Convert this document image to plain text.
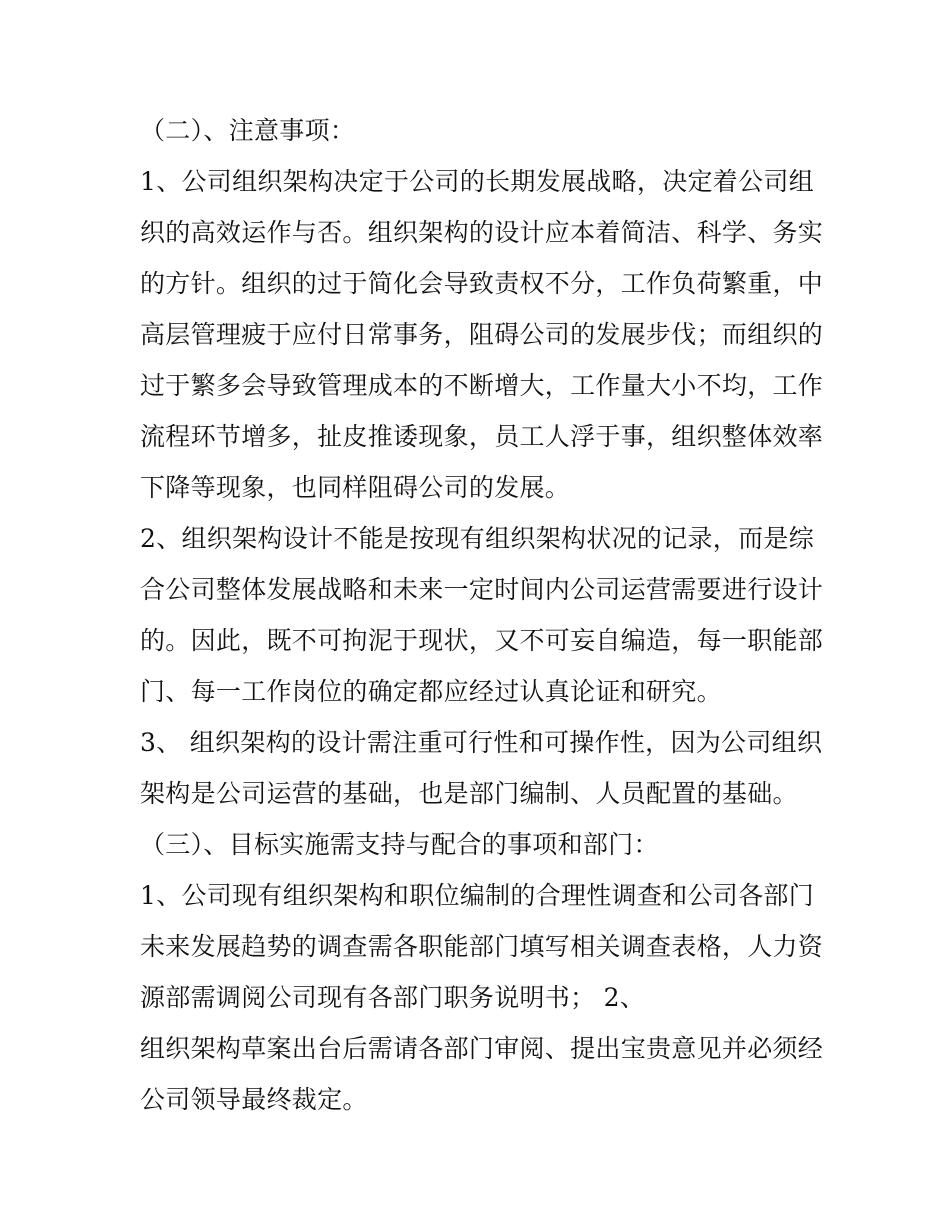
（二）、注意事项：
1、公司组织架构决定于公司的长期发展战略，决定着公司组
织的高效运作与否。组织架构的设计应本着简洁、科学、务实
的方针。组织的过于简化会导致责权不分，工作负荷繁重，中
高层管理疲于应付日常事务，阻碍公司的发展步伐；而组织的
过于繁多会导致管理成本的不断增大，工作量大小不均，工作
流程环节增多，扯皮推诿现象，员工人浮于事，组织整体效率
下降等现象，也同样阻碍公司的发展。
2、组织架构设计不能是按现有组织架构状况的记录，而是综
合公司整体发展战略和未来一定时间内公司运营需要进行设计
的。因此，既不可拘泥于现状，又不可妄自编造，每一职能部
门、每一工作岗位的确定都应经过认真论证和研究。
3、 组织架构的设计需注重可行性和可操作性，因为公司组织
架构是公司运营的基础，也是部门编制、人员配置的基础。
（三）、目标实施需支持与配合的事项和部门：
1、公司现有组织架构和职位编制的合理性调查和公司各部门
未来发展趋势的调查需各职能部门填写相关调查表格，人力资
源部需调阅公司现有各部门职务说明书； 2、
组织架构草案出台后需请各部门审阅、提出宝贵意见并必须经
公司领导最终裁定。
